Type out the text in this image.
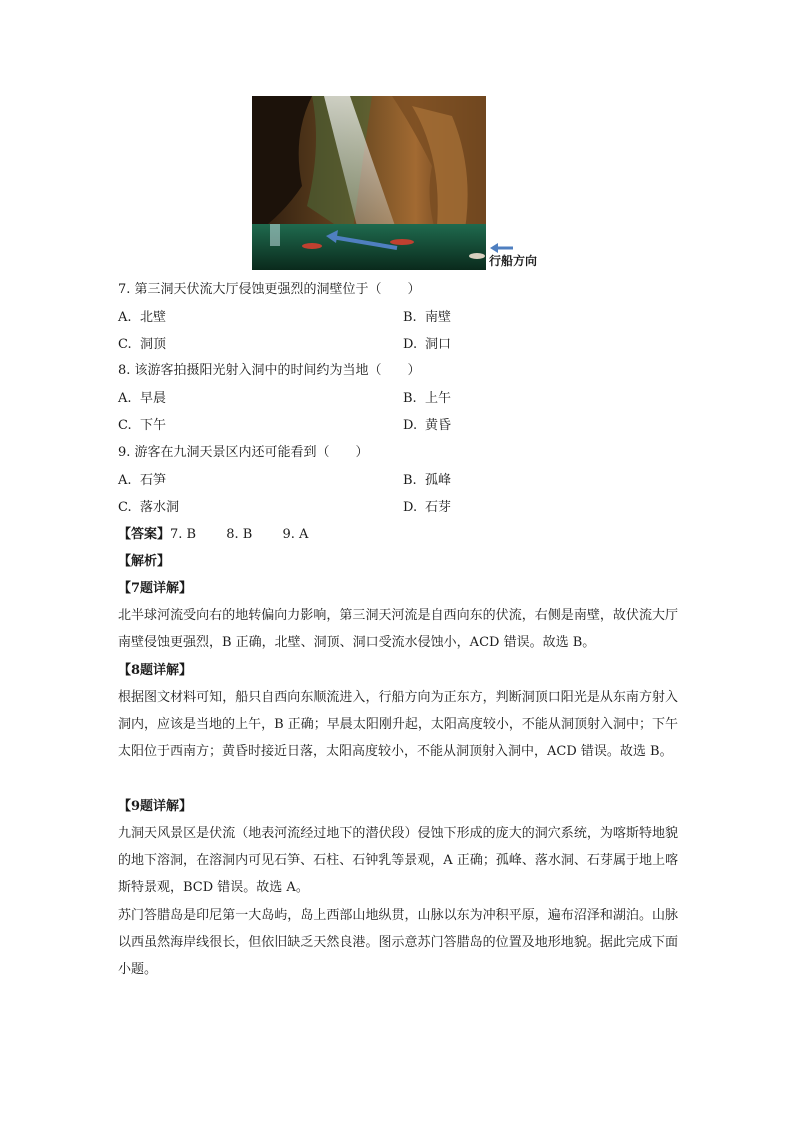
行船方向
7. 第三洞天伏流大厅侵蚀更强烈的洞壁位于（　　）
A. 北壁	B. 南壁
C. 洞顶	D. 洞口
8. 该游客拍摄阳光射入洞中的时间约为当地（　　）
A. 早晨	B. 上午
C. 下午	D. 黄昏
9. 游客在九洞天景区内还可能看到（　　）
A. 石笋	B. 孤峰
C. 落水洞	D. 石芽
【答案】7. B　　 8. B　　 9. A
【解析】
【7题详解】
北半球河流受向右的地转偏向力影响，第三洞天河流是自西向东的伏流，右侧是南壁，故伏流大厅南壁侵蚀更强烈，B 正确，北壁、洞顶、洞口受流水侵蚀小，ACD 错误。故选 B。
【8题详解】
根据图文材料可知，船只自西向东顺流进入，行船方向为正东方，判断洞顶口阳光是从东南方射入洞内，应该是当地的上午，B 正确；早晨太阳刚升起，太阳高度较小，不能从洞顶射入洞中；下午太阳位于西南方；黄昏时接近日落，太阳高度较小，不能从洞顶射入洞中，ACD 错误。故选 B。
【9题详解】
九洞天风景区是伏流（地表河流经过地下的潜伏段）侵蚀下形成的庞大的洞穴系统，为喀斯特地貌的地下溶洞，在溶洞内可见石笋、石柱、石钟乳等景观，A 正确；孤峰、落水洞、石芽属于地上喀斯特景观，BCD 错误。故选 A。
苏门答腊岛是印尼第一大岛屿，岛上西部山地纵贯，山脉以东为冲积平原，遍布沼泽和湖泊。山脉以西虽然海岸线很长，但依旧缺乏天然良港。图示意苏门答腊岛的位置及地形地貌。据此完成下面小题。
